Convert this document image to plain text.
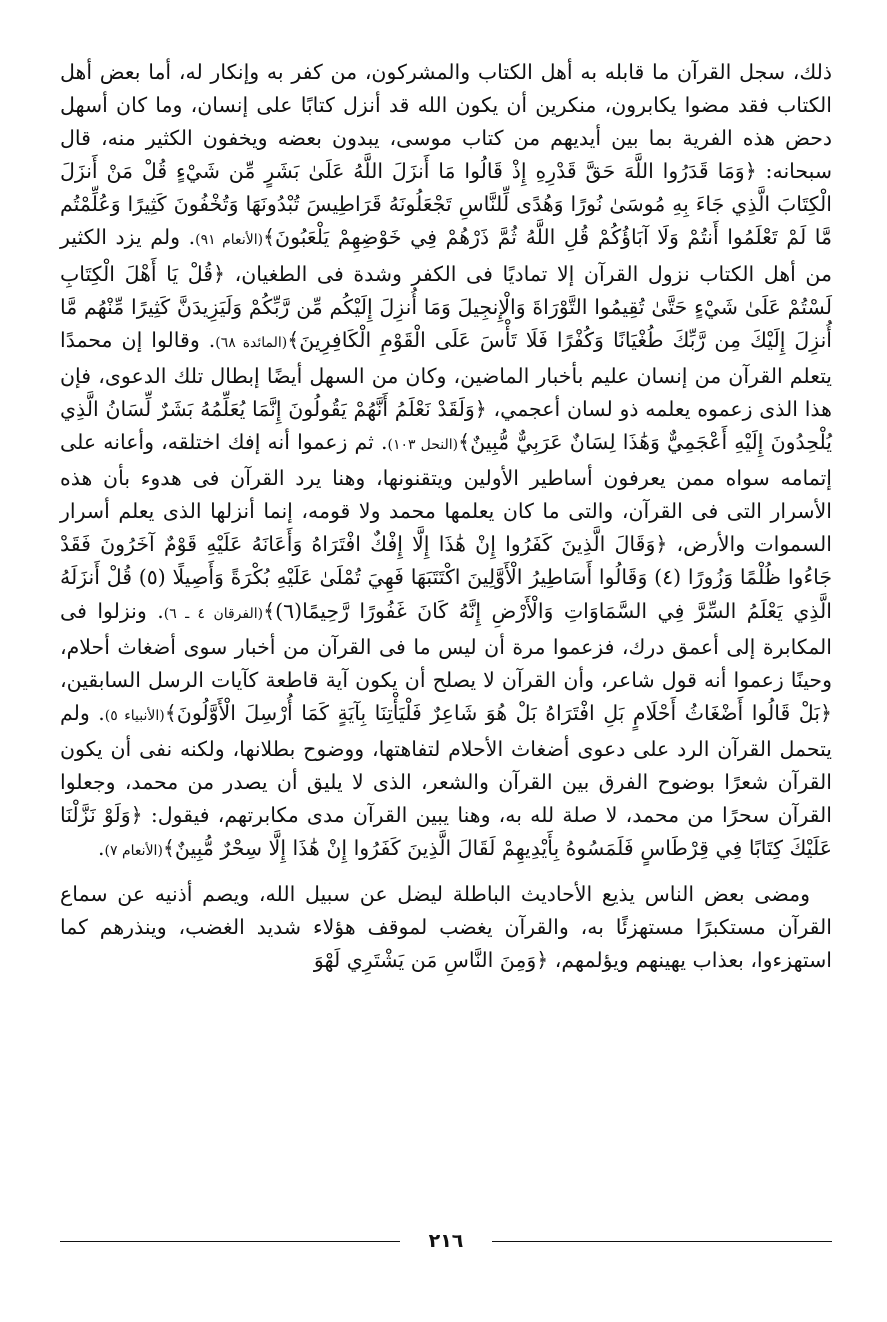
ذلك، سجل القرآن ما قابله به أهل الكتاب والمشركون، من كفر به وإنكار له، أما بعض أهل الكتاب فقد مضوا يكابرون، منكرين أن يكون الله قد أنزل كتابًا على إنسان، وما كان أسهل دحض هذه الفرية بما بين أيديهم من كتاب موسى، يبدون بعضه ويخفون الكثير منه، قال سبحانه: ﴿وَمَا قَدَرُوا اللَّهَ حَقَّ قَدْرِهِ إِذْ قَالُوا مَا أَنزَلَ اللَّهُ عَلَىٰ بَشَرٍ مِّن شَيْءٍ قُلْ مَنْ أَنزَلَ الْكِتَابَ الَّذِي جَاءَ بِهِ مُوسَىٰ نُورًا وَهُدًى لِّلنَّاسِ تَجْعَلُونَهُ قَرَاطِيسَ تُبْدُونَهَا وَتُخْفُونَ كَثِيرًا وَعُلِّمْتُم مَّا لَمْ تَعْلَمُوا أَنتُمْ وَلَا آبَاؤُكُمْ قُلِ اللَّهُ ثُمَّ ذَرْهُمْ فِي خَوْضِهِمْ يَلْعَبُونَ﴾(الأنعام ٩١). ولم يزد الكثير من أهل الكتاب نزول القرآن إلا تماديًا فى الكفر وشدة فى الطغيان، ﴿قُلْ يَا أَهْلَ الْكِتَابِ لَسْتُمْ عَلَىٰ شَيْءٍ حَتَّىٰ تُقِيمُوا التَّوْرَاةَ وَالْإِنجِيلَ وَمَا أُنزِلَ إِلَيْكُم مِّن رَّبِّكُمْ وَلَيَزِيدَنَّ كَثِيرًا مِّنْهُم مَّا أُنزِلَ إِلَيْكَ مِن رَّبِّكَ طُغْيَانًا وَكُفْرًا فَلَا تَأْسَ عَلَى الْقَوْمِ الْكَافِرِينَ﴾(المائدة ٦٨). وقالوا إن محمدًا يتعلم القرآن من إنسان عليم بأخبار الماضين، وكان من السهل أيضًا إبطال تلك الدعوى، فإن هذا الذى زعموه يعلمه ذو لسان أعجمي، ﴿وَلَقَدْ نَعْلَمُ أَنَّهُمْ يَقُولُونَ إِنَّمَا يُعَلِّمُهُ بَشَرٌ لِّسَانُ الَّذِي يُلْحِدُونَ إِلَيْهِ أَعْجَمِيٌّ وَهَٰذَا لِسَانٌ عَرَبِيٌّ مُّبِينٌ﴾(النحل ١٠٣). ثم زعموا أنه إفك اختلقه، وأعانه على إتمامه سواه ممن يعرفون أساطير الأولين ويتقنونها، وهنا يرد القرآن فى هدوء بأن هذه الأسرار التى فى القرآن، والتى ما كان يعلمها محمد ولا قومه، إنما أنزلها الذى يعلم أسرار السموات والأرض، ﴿وَقَالَ الَّذِينَ كَفَرُوا إِنْ هَٰذَا إِلَّا إِفْكٌ افْتَرَاهُ وَأَعَانَهُ عَلَيْهِ قَوْمٌ آخَرُونَ فَقَدْ جَاءُوا ظُلْمًا وَزُورًا (٤) وَقَالُوا أَسَاطِيرُ الْأَوَّلِينَ اكْتَتَبَهَا فَهِيَ تُمْلَىٰ عَلَيْهِ بُكْرَةً وَأَصِيلًا (٥) قُلْ أَنزَلَهُ الَّذِي يَعْلَمُ السِّرَّ فِي السَّمَاوَاتِ وَالْأَرْضِ إِنَّهُ كَانَ غَفُورًا رَّحِيمًا(٦)﴾(الفرقان ٤ ـ ٦). ونزلوا فى المكابرة إلى أعمق درك، فزعموا مرة أن ليس ما فى القرآن من أخبار سوى أضغاث أحلام، وحينًا زعموا أنه قول شاعر، وأن القرآن لا يصلح أن يكون آية قاطعة كآيات الرسل السابقين، ﴿بَلْ قَالُوا أَضْغَاثُ أَحْلَامٍ بَلِ افْتَرَاهُ بَلْ هُوَ شَاعِرٌ فَلْيَأْتِنَا بِآيَةٍ كَمَا أُرْسِلَ الْأَوَّلُونَ﴾(الأنبياء ٥). ولم يتحمل القرآن الرد على دعوى أضغاث الأحلام لتفاهتها، ووضوح بطلانها، ولكنه نفى أن يكون القرآن شعرًا بوضوح الفرق بين القرآن والشعر، الذى لا يليق أن يصدر من محمد، وجعلوا القرآن سحرًا من محمد، لا صلة لله به، وهنا يبين القرآن مدى مكابرتهم، فيقول: ﴿وَلَوْ نَزَّلْنَا عَلَيْكَ كِتَابًا فِي قِرْطَاسٍ فَلَمَسُوهُ بِأَيْدِيهِمْ لَقَالَ الَّذِينَ كَفَرُوا إِنْ هَٰذَا إِلَّا سِحْرٌ مُّبِينٌ﴾(الأنعام ٧).

ومضى بعض الناس يذيع الأحاديث الباطلة ليضل عن سبيل الله، ويصم أذنيه عن سماع القرآن مستكبرًا مستهزئًا به، والقرآن يغضب لموقف هؤلاء شديد الغضب، وينذرهم كما استهزءوا، بعذاب يهينهم ويؤلمهم، ﴿وَمِنَ النَّاسِ مَن يَشْتَرِي لَهْوَ

٢١٦
